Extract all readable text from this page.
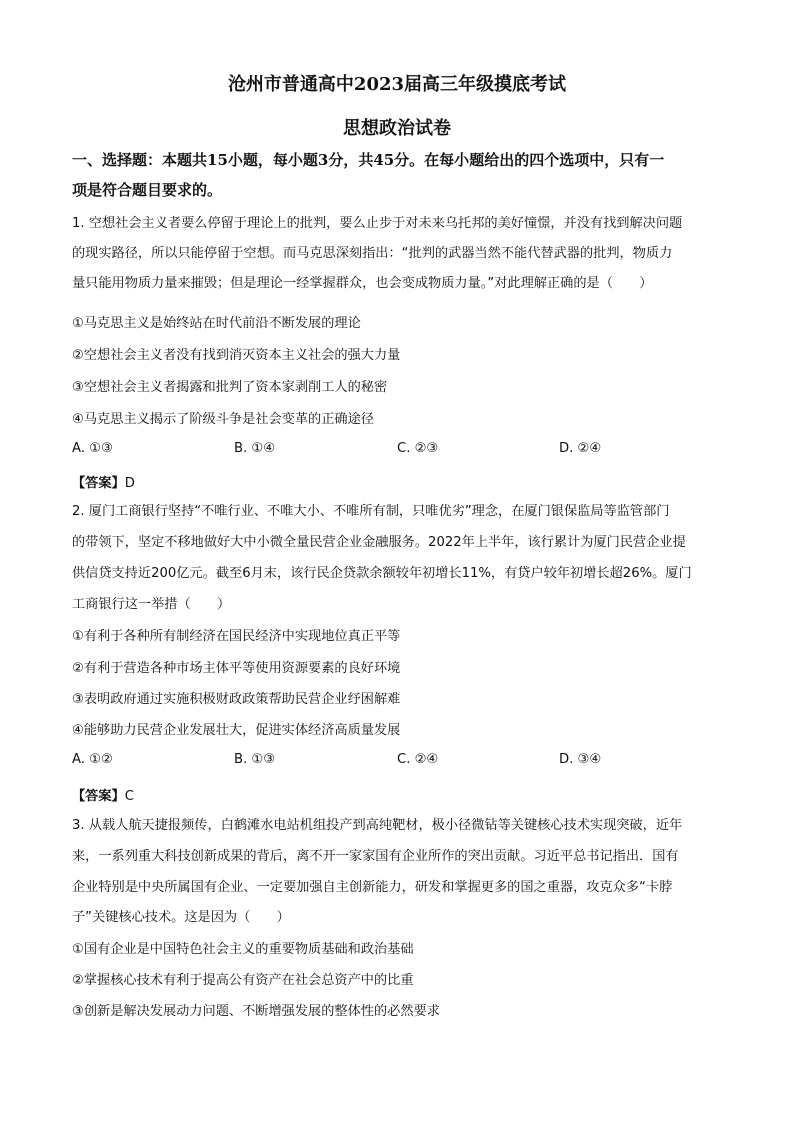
沧州市普通高中2023届高三年级摸底考试
思想政治试卷
一、选择题：本题共15小题，每小题3分，共45分。在每小题给出的四个选项中，只有一
项是符合题目要求的。
1. 空想社会主义者要么停留于理论上的批判，要么止步于对未来乌托邦的美好憧憬，并没有找到解决问题
的现实路径，所以只能停留于空想。而马克思深刻指出：“批判的武器当然不能代替武器的批判，物质力
量只能用物质力量来摧毁；但是理论一经掌握群众，也会变成物质力量。”对此理解正确的是（　　）
①马克思主义是始终站在时代前沿不断发展的理论
②空想社会主义者没有找到消灭资本主义社会的强大力量
③空想社会主义者揭露和批判了资本家剥削工人的秘密
④马克思主义揭示了阶级斗争是社会变革的正确途径
A. ①③	B. ①④	C. ②③	D. ②④
【答案】D
2. 厦门工商银行坚持“不唯行业、不唯大小、不唯所有制，只唯优劣”理念，在厦门银保监局等监管部门
的带领下，坚定不移地做好大中小微全量民营企业金融服务。2022年上半年，该行累计为厦门民营企业提
供信贷支持近200亿元。截至6月末，该行民企贷款余额较年初增长11%，有贷户较年初增长超26%。厦门
工商银行这一举措（　　）
①有利于各种所有制经济在国民经济中实现地位真正平等
②有利于营造各种市场主体平等使用资源要素的良好环境
③表明政府通过实施积极财政政策帮助民营企业纾困解难
④能够助力民营企业发展壮大，促进实体经济高质量发展
A. ①②	B. ①③	C. ②④	D. ③④
【答案】C
3. 从载人航天捷报频传，白鹤滩水电站机组投产到高纯靶材，极小径微钻等关键核心技术实现突破，近年
来，一系列重大科技创新成果的背后，离不开一家家国有企业所作的突出贡献。习近平总书记指出．国有
企业特别是中央所属国有企业、一定要加强自主创新能力，研发和掌握更多的国之重器，攻克众多“卡脖
子”关键核心技术。这是因为（　　）
①国有企业是中国特色社会主义的重要物质基础和政治基础
②掌握核心技术有利于提高公有资产在社会总资产中的比重
③创新是解决发展动力问题、不断增强发展的整体性的必然要求
